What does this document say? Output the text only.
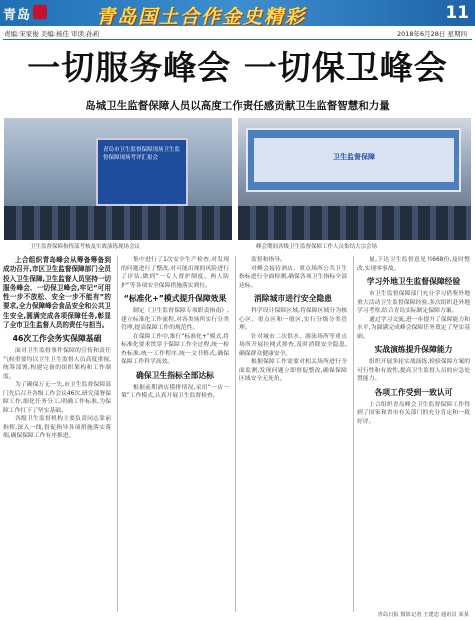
青岛	青岛国土合作金史精彩	11
责编:宋家俊 美编:杨佳 审读:孙莉	2018年6月28日 星期四
一切服务峰会 一切保卫峰会
岛城卫生监督保障人员以高度工作责任感贡献卫生监督智慧和力量
青岛市卫生监督保障现场卫生监督保障现场考评汇报会	卫生监督保障
卫生监督保障指挥部考核及实战演练现场会议	峰会期间各级卫生监督保障工作人员集结大宗会场

上合组织青岛峰会从筹备筹备到成功召开,市区卫生监督保障部门全员投入卫生保障,卫生监督人员坚持一切服务峰会、一切保卫峰会,牢记“可用性一步不放松、安全一步不能有”的要求,全力保障峰会食品安全和公共卫生安全,圆满完成各项保障任务,彰显了全市卫生监督人员的责任与担当。

46次工作会务实保障基础

面对卫生监督事件保障的宣传和责任气候重要均以卫生卫生监督人员高度重视,统筹部署,构建完备的组织架构和工作制度。

为了确保万无一失,市卫生监督保障部门先后召开各级工作会议46次,研究部署保障工作,细化任务分工,明确工作标准,为保障工作打下了坚实基础。

各级卫生监督机构主要负责同志靠前指挥,深入一线,督促指导各项措施落实落细,确保保障工作有序推进。

集中进行了1次安全生产检查,对发现的问题进行了整改,对可能出现的风险进行了评估,做到“一专人督护制度、两人防护”等各项安全保障措施落实到位。

“标准化+”模式提升保障效果

制定《卫生监督保障专项职责指南》,建立标准化工作流程,对各类场所实行分类管理,提高保障工作的规范性。

在保障工作中,推行“标准化+”模式,将标准化要求贯穿于保障工作全过程,统一检查标准,统一工作程序,统一文书格式,确保保障工作科学高效。

确保卫生指标全部达标

根据前期酒店摸排情况,采用“一店一策”工作模式,认真开展卫生监督检查。

监督和指导。

对峰会接待酒店、重点场所公共卫生指标进行全面检测,确保各项卫生指标全部达标。

消除城市进行安全隐患

科学设计保障区域,将保障区域分为核心区、重点区和一般区,实行分级分类管理。

针对城市二次供水、游泳场所等重点场所开展拉网式排查,及时消除安全隐患,确保群众健康安全。

根据保障工作需要对相关场所进行全面监测,发现问题立即督促整改,确保保障区域安全无死角。

量,下达卫生监督意见书668份,及时整改,实现零事故。

学习外地卫生监督保障经验

市卫生监督保障部门充分学习借鉴外地重大活动卫生监督保障经验,多次组织赴外地学习考察,结合青岛实际制定保障方案。

通过学习交流,进一步提升了保障能力和水平,为圆满完成峰会保障任务奠定了坚实基础。

实战演练提升保障能力

组织开展多轮实战演练,检验保障方案的可行性和有效性,提高卫生监督人员的应急处置能力。

各项工作受到一致认可

上合组织青岛峰会卫生监督保障工作得到了国家和省市有关部门的充分肯定和一致好评。

青岛日报 摄影记者 王建忠 通讯员 某某
